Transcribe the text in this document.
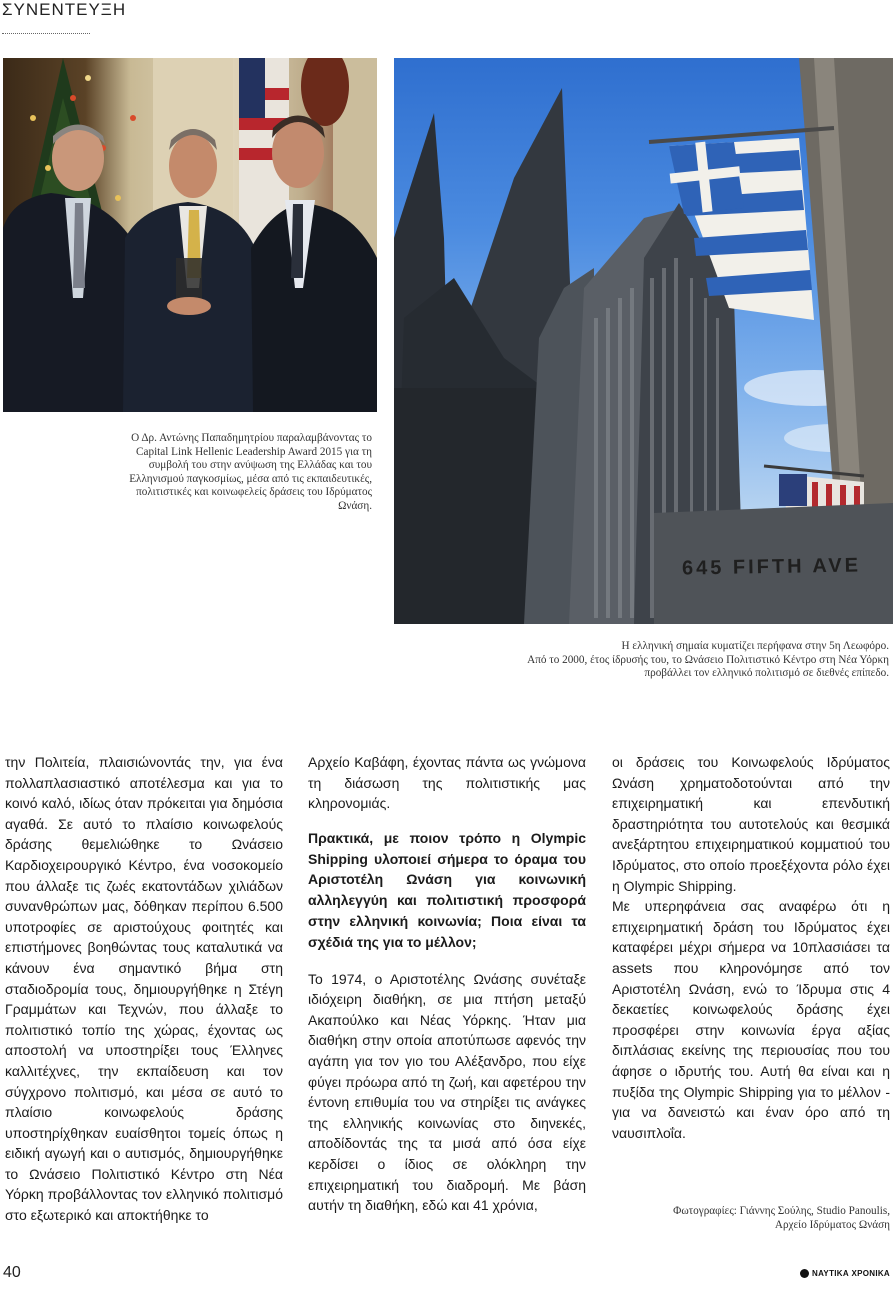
ΣΥΝΕΝΤΕΥΞΗ
Ο Δρ. Αντώνης Παπαδημητρίου παραλαμβάνοντας το Capital Link Hellenic Leadership Award 2015 για τη συμβολή του στην ανύψωση της Ελλάδας και του Ελληνισμού παγκοσμίως, μέσα από τις εκπαιδευτικές, πολιτιστικές και κοινωφελείς δράσεις του Ιδρύματος Ωνάση.
645 FIFTH AVE
Η ελληνική σημαία κυματίζει περήφανα στην 5η Λεωφόρο.
Από το 2000, έτος ίδρυσής του, το Ωνάσειο Πολιτιστικό Κέντρο στη Νέα Υόρκη
προβάλλει τον ελληνικό πολιτισμό σε διεθνές επίπεδο.

την Πολιτεία, πλαισιώνοντάς την, για ένα πολλαπλασιαστικό αποτέλεσμα και για το κοινό καλό, ιδίως όταν πρόκειται για δημόσια αγαθά. Σε αυτό το πλαίσιο κοινωφελούς δράσης θεμελιώθηκε το Ωνάσειο Καρδιοχειρουργικό Κέντρο, ένα νοσοκομείο που άλλαξε τις ζωές εκατοντάδων χιλιάδων συνανθρώπων μας, δόθηκαν περίπου 6.500 υποτροφίες σε αριστούχους φοιτητές και επιστήμονες βοηθώντας τους καταλυτικά να κάνουν ένα σημαντικό βήμα στη σταδιοδρομία τους, δημιουργήθηκε η Στέγη Γραμμάτων και Τεχνών, που άλλαξε το πολιτιστικό τοπίο της χώρας, έχοντας ως αποστολή να υποστηρίξει τους Έλληνες καλλιτέχνες, την εκπαίδευση και τον σύγχρονο πολιτισμό, και μέσα σε αυτό το πλαίσιο κοινωφελούς δράσης υποστηρίχθηκαν ευαίσθητοι τομείς όπως η ειδική αγωγή και ο αυτισμός, δημιουργήθηκε το Ωνάσειο Πολιτιστικό Κέντρο στη Νέα Υόρκη προβάλλοντας τον ελληνικό πολιτισμό στο εξωτερικό και αποκτήθηκε το

Αρχείο Καβάφη, έχοντας πάντα ως γνώμονα τη διάσωση της πολιτιστικής μας κληρονομιάς.

Πρακτικά, με ποιον τρόπο η Olympic Shipping υλοποιεί σήμερα το όραμα του Αριστοτέλη Ωνάση για κοινωνική αλληλεγγύη και πολιτιστική προσφορά στην ελληνική κοινωνία; Ποια είναι τα σχέδιά της για το μέλλον;

Το 1974, ο Αριστοτέλης Ωνάσης συνέταξε ιδιόχειρη διαθήκη, σε μια πτήση μεταξύ Ακαπούλκο και Νέας Υόρκης. Ήταν μια διαθήκη στην οποία αποτύπωσε αφενός την αγάπη για τον γιο του Αλέξανδρο, που είχε φύγει πρόωρα από τη ζωή, και αφετέρου την έντονη επιθυμία του να στηρίξει τις ανάγκες της ελληνικής κοινωνίας στο διηνεκές, αποδίδοντάς της τα μισά από όσα είχε κερδίσει ο ίδιος σε ολόκληρη την επιχειρηματική του διαδρομή. Με βάση αυτήν τη διαθήκη, εδώ και 41 χρόνια,

οι δράσεις του Κοινωφελούς Ιδρύματος Ωνάση χρηματοδοτούνται από την επιχειρηματική και επενδυτική δραστηριότητα του αυτοτελούς και θεσμικά ανεξάρτητου επιχειρηματικού κομματιού του Ιδρύματος, στο οποίο προεξέχοντα ρόλο έχει η Olympic Shipping.

Με υπερηφάνεια σας αναφέρω ότι η επιχειρηματική δράση του Ιδρύματος έχει καταφέρει μέχρι σήμερα να 10πλασιάσει τα assets που κληρονόμησε από τον Αριστοτέλη Ωνάση, ενώ το Ίδρυμα στις 4 δεκαετίες κοινωφελούς δράσης έχει προσφέρει στην κοινωνία έργα αξίας διπλάσιας εκείνης της περιουσίας που του άφησε ο ιδρυτής του. Αυτή θα είναι και η πυξίδα της Olympic Shipping για το μέλλον - για να δανειστώ και έναν όρο από τη ναυσιπλοΐα.

Φωτογραφίες: Γιάννης Σούλης, Studio Panoulis,
Αρχείο Ιδρύματος Ωνάση
40	ΝΑΥΤΙΚΑ ΧΡΟΝΙΚΑ
